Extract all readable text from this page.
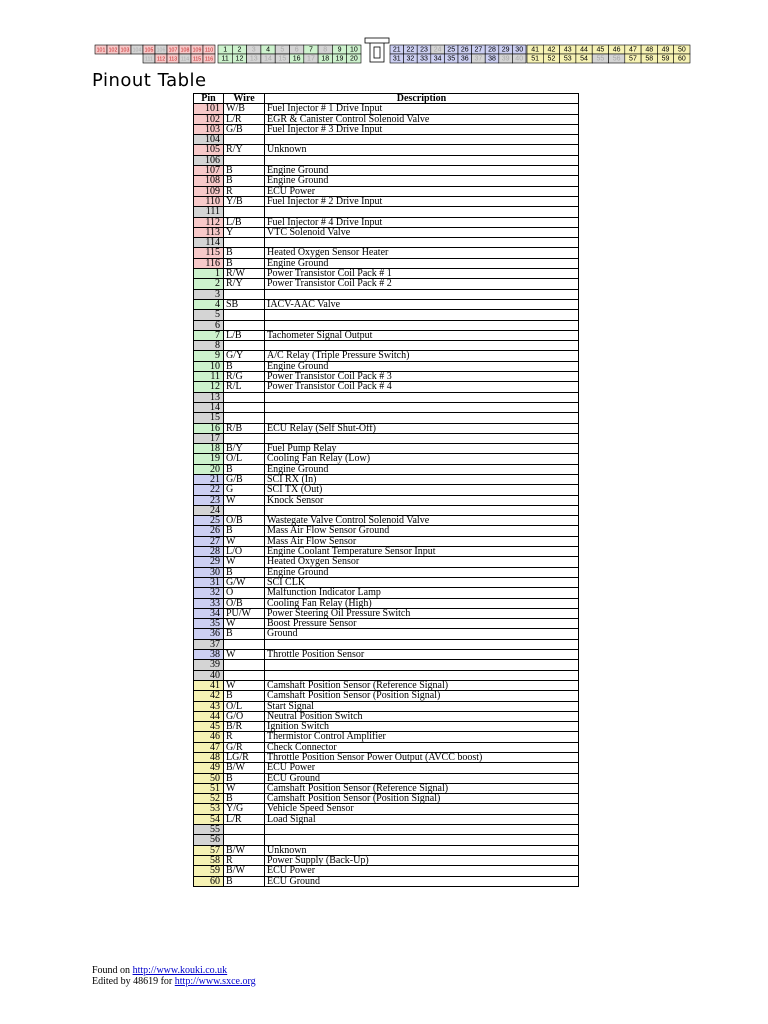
101 102 103 104 105 106 107 108 109 110
111 112 113 114 115 116
1 2 3 4 5 6 7 8 9 10
11 12 13 14 15 16 17 18 19 20
21 22 23 24 25 26 27 28 29 30
31 32 33 34 35 36 37 38 39 40
41 42 43 44 45 46 47 48 49 50
51 52 53 54 55 56 57 58 59 60
Pinout Table
Pin	Wire	Description
101	W/B	Fuel Injector # 1 Drive Input
102	L/R	EGR & Canister Control Solenoid Valve
103	G/B	Fuel Injector # 3 Drive Input
104		
105	R/Y	Unknown
106		
107	B	Engine Ground
108	B	Engine Ground
109	R	ECU Power
110	Y/B	Fuel Injector # 2 Drive Input
111		
112	L/B	Fuel Injector # 4 Drive Input
113	Y	VTC Solenoid Valve
114		
115	B	Heated Oxygen Sensor Heater
116	B	Engine Ground
1	R/W	Power Transistor Coil Pack # 1
2	R/Y	Power Transistor Coil Pack # 2
3		
4	SB	IACV-AAC Valve
5		
6		
7	L/B	Tachometer Signal Output
8		
9	G/Y	A/C Relay (Triple Pressure Switch)
10	B	Engine Ground
11	R/G	Power Transistor Coil Pack # 3
12	R/L	Power Transistor Coil Pack # 4
13		
14		
15		
16	R/B	ECU Relay (Self Shut-Off)
17		
18	B/Y	Fuel Pump Relay
19	O/L	Cooling Fan Relay (Low)
20	B	Engine Ground
21	G/B	SCI RX (In)
22	G	SCI TX (Out)
23	W	Knock Sensor
24		
25	O/B	Wastegate Valve Control Solenoid Valve
26	B	Mass Air Flow Sensor Ground
27	W	Mass Air Flow Sensor
28	L/O	Engine Coolant Temperature Sensor Input
29	W	Heated Oxygen Sensor
30	B	Engine Ground
31	G/W	SCI CLK
32	O	Malfunction Indicator Lamp
33	O/B	Cooling Fan Relay (High)
34	PU/W	Power Steering Oil Pressure Switch
35	W	Boost Pressure Sensor
36	B	Ground
37		
38	W	Throttle Position Sensor
39		
40		
41	W	Camshaft Position Sensor (Reference Signal)
42	B	Camshaft Position Sensor (Position Signal)
43	O/L	Start Signal
44	G/O	Neutral Position Switch
45	B/R	Ignition Switch
46	R	Thermistor Control Amplifier
47	G/R	Check Connector
48	LG/R	Throttle Position Sensor Power Output (AVCC boost)
49	B/W	ECU Power
50	B	ECU Ground
51	W	Camshaft Position Sensor (Reference Signal)
52	B	Camshaft Position Sensor (Position Signal)
53	Y/G	Vehicle Speed Sensor
54	L/R	Load Signal
55		
56		
57	B/W	Unknown
58	R	Power Supply (Back-Up)
59	B/W	ECU Power
60	B	ECU Ground
Found on http://www.kouki.co.uk
Edited by 48619 for http://www.sxce.org
